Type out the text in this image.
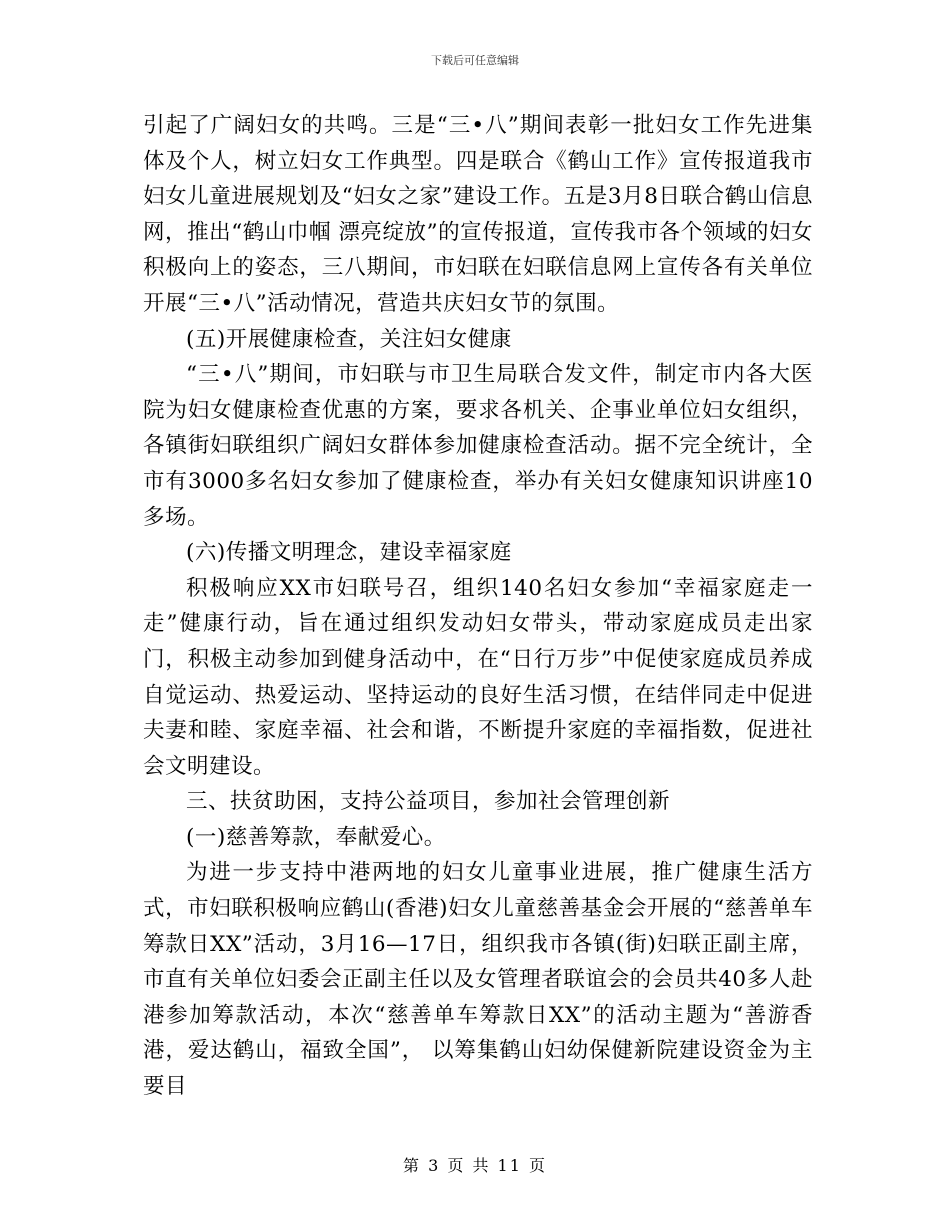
下载后可任意编辑

引起了广阔妇女的共鸣。三是“三•八”期间表彰一批妇女工作先进集体及个人，树立妇女工作典型。四是联合《鹤山工作》宣传报道我市妇女儿童进展规划及“妇女之家”建设工作。五是3月8日联合鹤山信息网，推出“鹤山巾帼 漂亮绽放”的宣传报道，宣传我市各个领域的妇女积极向上的姿态，三八期间，市妇联在妇联信息网上宣传各有关单位开展“三•八”活动情况，营造共庆妇女节的氛围。

(五)开展健康检查，关注妇女健康

“三•八”期间，市妇联与市卫生局联合发文件，制定市内各大医院为妇女健康检查优惠的方案，要求各机关、企事业单位妇女组织，各镇街妇联组织广阔妇女群体参加健康检查活动。据不完全统计，全市有3000多名妇女参加了健康检查，举办有关妇女健康知识讲座10多场。

(六)传播文明理念，建设幸福家庭

积极响应XX市妇联号召，组织140名妇女参加“幸福家庭走一走”健康行动，旨在通过组织发动妇女带头，带动家庭成员走出家门，积极主动参加到健身活动中，在“日行万步”中促使家庭成员养成自觉运动、热爱运动、坚持运动的良好生活习惯，在结伴同走中促进夫妻和睦、家庭幸福、社会和谐，不断提升家庭的幸福指数，促进社会文明建设。

三、扶贫助困，支持公益项目，参加社会管理创新

(一)慈善筹款，奉献爱心。

为进一步支持中港两地的妇女儿童事业进展，推广健康生活方式，市妇联积极响应鹤山(香港)妇女儿童慈善基金会开展的“慈善单车筹款日XX”活动，3月16—17日，组织我市各镇(街)妇联正副主席，市直有关单位妇委会正副主任以及女管理者联谊会的会员共40多人赴港参加筹款活动，本次“慈善单车筹款日XX”的活动主题为“善游香港，爱达鹤山，福致全国”， 以筹集鹤山妇幼保健新院建设资金为主要目

第 3 页 共 11 页
